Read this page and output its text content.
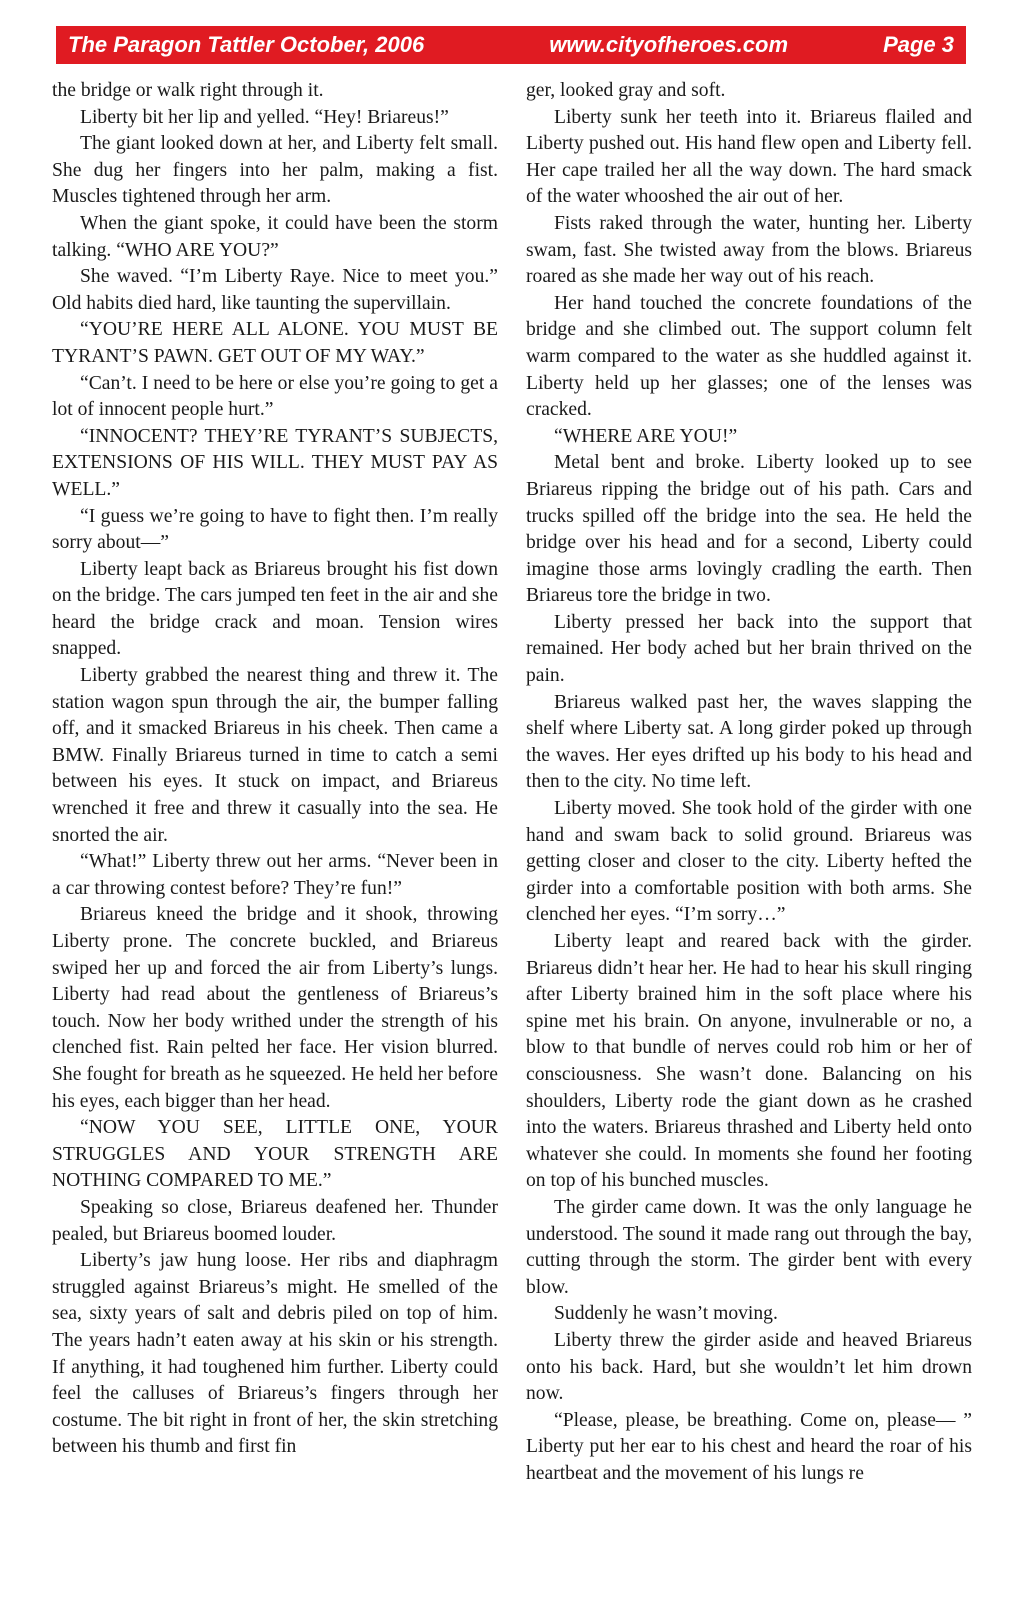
The Paragon Tattler October, 2006	www.cityofheroes.com	Page 3

the bridge or walk right through it.

Liberty bit her lip and yelled. “Hey! Briareus!”

The giant looked down at her, and Liberty felt small. She dug her fingers into her palm, making a fist. Muscles tightened through her arm.

When the giant spoke, it could have been the storm talking. “WHO ARE YOU?”

She waved. “I’m Liberty Raye. Nice to meet you.” Old habits died hard, like taunting the supervillain.

“YOU’RE HERE ALL ALONE. YOU MUST BE TYRANT’S PAWN. GET OUT OF MY WAY.”

“Can’t. I need to be here or else you’re going to get a lot of innocent people hurt.”

“INNOCENT? THEY’RE TYRANT’S SUBJECTS, EXTENSIONS OF HIS WILL. THEY MUST PAY AS WELL.”

“I guess we’re going to have to fight then. I’m really sorry about—”

Liberty leapt back as Briareus brought his fist down on the bridge. The cars jumped ten feet in the air and she heard the bridge crack and moan. Tension wires snapped.

Liberty grabbed the nearest thing and threw it. The station wagon spun through the air, the bumper falling off, and it smacked Briareus in his cheek. Then came a BMW. Finally Briareus turned in time to catch a semi between his eyes. It stuck on impact, and Briareus wrenched it free and threw it casually into the sea. He snorted the air.

“What!” Liberty threw out her arms. “Never been in a car throwing contest before? They’re fun!”

Briareus kneed the bridge and it shook, throwing Liberty prone. The concrete buckled, and Briareus swiped her up and forced the air from Liberty’s lungs. Liberty had read about the gentleness of Briareus’s touch. Now her body writhed under the strength of his clenched fist. Rain pelted her face. Her vision blurred. She fought for breath as he squeezed. He held her before his eyes, each bigger than her head.

“NOW YOU SEE, LITTLE ONE, YOUR STRUGGLES AND YOUR STRENGTH ARE NOTHING COMPARED TO ME.”

Speaking so close, Briareus deafened her. Thunder pealed, but Briareus boomed louder.

Liberty’s jaw hung loose. Her ribs and diaphragm struggled against Briareus’s might. He smelled of the sea, sixty years of salt and debris piled on top of him. The years hadn’t eaten away at his skin or his strength. If anything, it had toughened him further. Liberty could feel the calluses of Briareus’s fingers through her costume. The bit right in front of her, the skin stretching between his thumb and first fin

ger, looked gray and soft.

Liberty sunk her teeth into it. Briareus flailed and Liberty pushed out. His hand flew open and Liberty fell. Her cape trailed her all the way down. The hard smack of the water whooshed the air out of her.

Fists raked through the water, hunting her. Liberty swam, fast. She twisted away from the blows. Briareus roared as she made her way out of his reach.

Her hand touched the concrete foundations of the bridge and she climbed out. The support column felt warm compared to the water as she huddled against it. Liberty held up her glasses; one of the lenses was cracked.

“WHERE ARE YOU!”

Metal bent and broke. Liberty looked up to see Briareus ripping the bridge out of his path. Cars and trucks spilled off the bridge into the sea. He held the bridge over his head and for a second, Liberty could imagine those arms lovingly cradling the earth. Then Briareus tore the bridge in two.

Liberty pressed her back into the support that remained. Her body ached but her brain thrived on the pain.

Briareus walked past her, the waves slapping the shelf where Liberty sat. A long girder poked up through the waves. Her eyes drifted up his body to his head and then to the city. No time left.

Liberty moved. She took hold of the girder with one hand and swam back to solid ground. Briareus was getting closer and closer to the city. Liberty hefted the girder into a comfortable position with both arms. She clenched her eyes. “I’m sorry…”

Liberty leapt and reared back with the girder. Briareus didn’t hear her. He had to hear his skull ringing after Liberty brained him in the soft place where his spine met his brain. On anyone, invulnerable or no, a blow to that bundle of nerves could rob him or her of consciousness. She wasn’t done. Balancing on his shoulders, Liberty rode the giant down as he crashed into the waters. Briareus thrashed and Liberty held onto whatever she could. In moments she found her footing on top of his bunched muscles.

The girder came down. It was the only language he understood. The sound it made rang out through the bay, cutting through the storm. The girder bent with every blow.

Suddenly he wasn’t moving.

Liberty threw the girder aside and heaved Briareus onto his back. Hard, but she wouldn’t let him drown now.

“Please, please, be breathing. Come on, please— ” Liberty put her ear to his chest and heard the roar of his heartbeat and the movement of his lungs re
